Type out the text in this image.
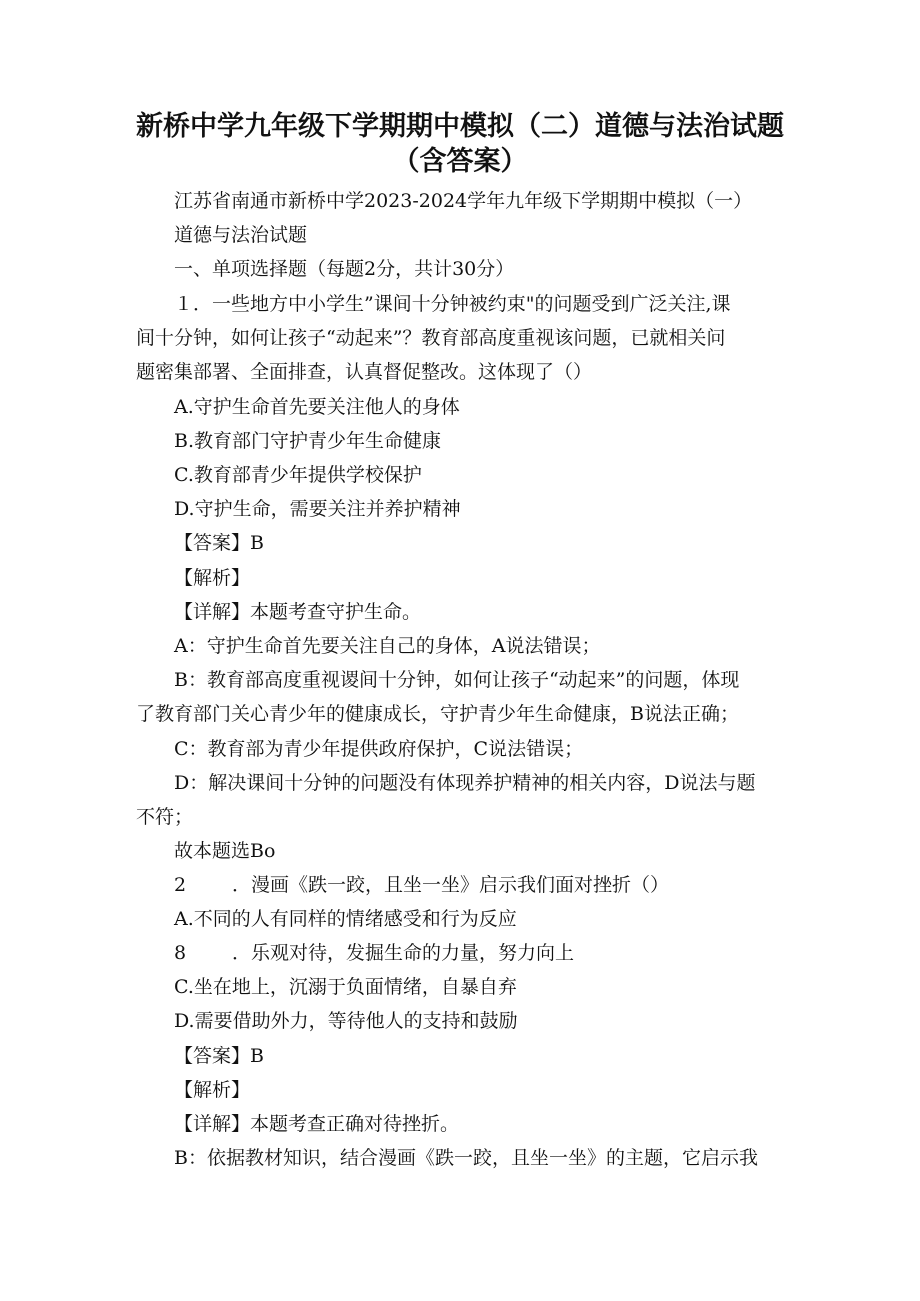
新桥中学九年级下学期期中模拟（二）道德与法治试题
（含答案）
江苏省南通市新桥中学2023-2024学年九年级下学期期中模拟（一）
道德与法治试题
一、单项选择题（每题2分，共计30分）
１．一些地方中小学生”课间十分钟被约束"的问题受到广泛关注,课
间十分钟，如何让孩子“动起来”？教育部高度重视该问题，已就相关问
题密集部署、全面排查，认真督促整改。这体现了（）
A.守护生命首先要关注他人的身体
B.教育部门守护青少年生命健康
C.教育部青少年提供学校保护
D.守护生命，需要关注并养护精神
【答案】B
【解析】
【详解】本题考查守护生命。
A：守护生命首先要关注自己的身体，A说法错误；
B：教育部高度重视谡间十分钟，如何让孩子“动起来”的问题，体现
了教育部门关心青少年的健康成长，守护青少年生命健康，B说法正确；
C：教育部为青少年提供政府保护，C说法错误；
D：解决课间十分钟的问题没有体现养护精神的相关内容，D说法与题
不符；
故本题选Bo
2 ．漫画《跌一跤，且坐一坐》启示我们面对挫折（）
A.不同的人有同样的情绪感受和行为反应
8 ．乐观对待，发掘生命的力量，努力向上
C.坐在地上，沉溺于负面情绪，自暴自弃
D.需要借助外力，等待他人的支持和鼓励
【答案】B
【解析】
【详解】本题考查正确对待挫折。
B：依据教材知识，结合漫画《跌一跤，且坐一坐》的主题，它启示我
